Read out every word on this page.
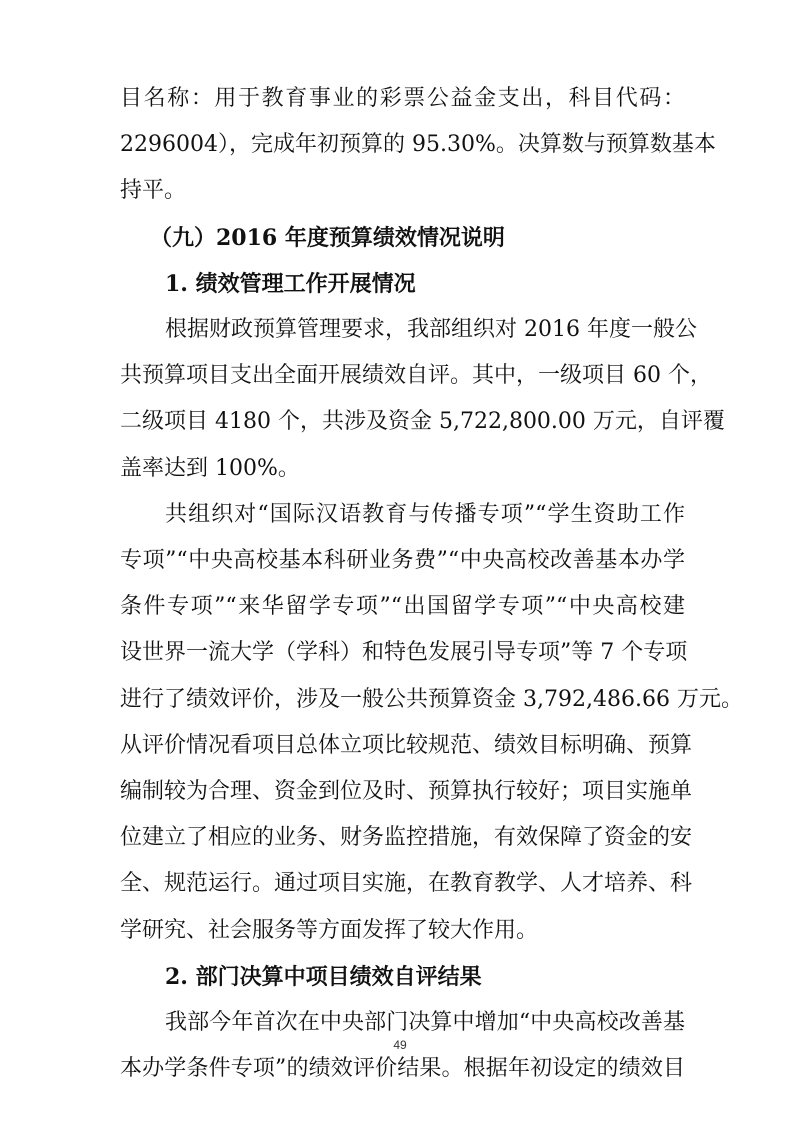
目名称：用于教育事业的彩票公益金支出，科目代码：
2296004），完成年初预算的 95.30%。决算数与预算数基本
持平。
（九）2016 年度预算绩效情况说明
1. 绩效管理工作开展情况
根据财政预算管理要求，我部组织对 2016 年度一般公
共预算项目支出全面开展绩效自评。其中，一级项目 60 个，
二级项目 4180 个，共涉及资金 5,722,800.00 万元，自评覆
盖率达到 100%。
共组织对“国际汉语教育与传播专项”“学生资助工作
专项”“中央高校基本科研业务费”“中央高校改善基本办学
条件专项”“来华留学专项”“出国留学专项”“中央高校建
设世界一流大学（学科）和特色发展引导专项”等 7 个专项
进行了绩效评价，涉及一般公共预算资金 3,792,486.66 万元。
从评价情况看项目总体立项比较规范、绩效目标明确、预算
编制较为合理、资金到位及时、预算执行较好；项目实施单
位建立了相应的业务、财务监控措施，有效保障了资金的安
全、规范运行。通过项目实施，在教育教学、人才培养、科
学研究、社会服务等方面发挥了较大作用。
2. 部门决算中项目绩效自评结果
我部今年首次在中央部门决算中增加“中央高校改善基
本办学条件专项”的绩效评价结果。根据年初设定的绩效目
49
